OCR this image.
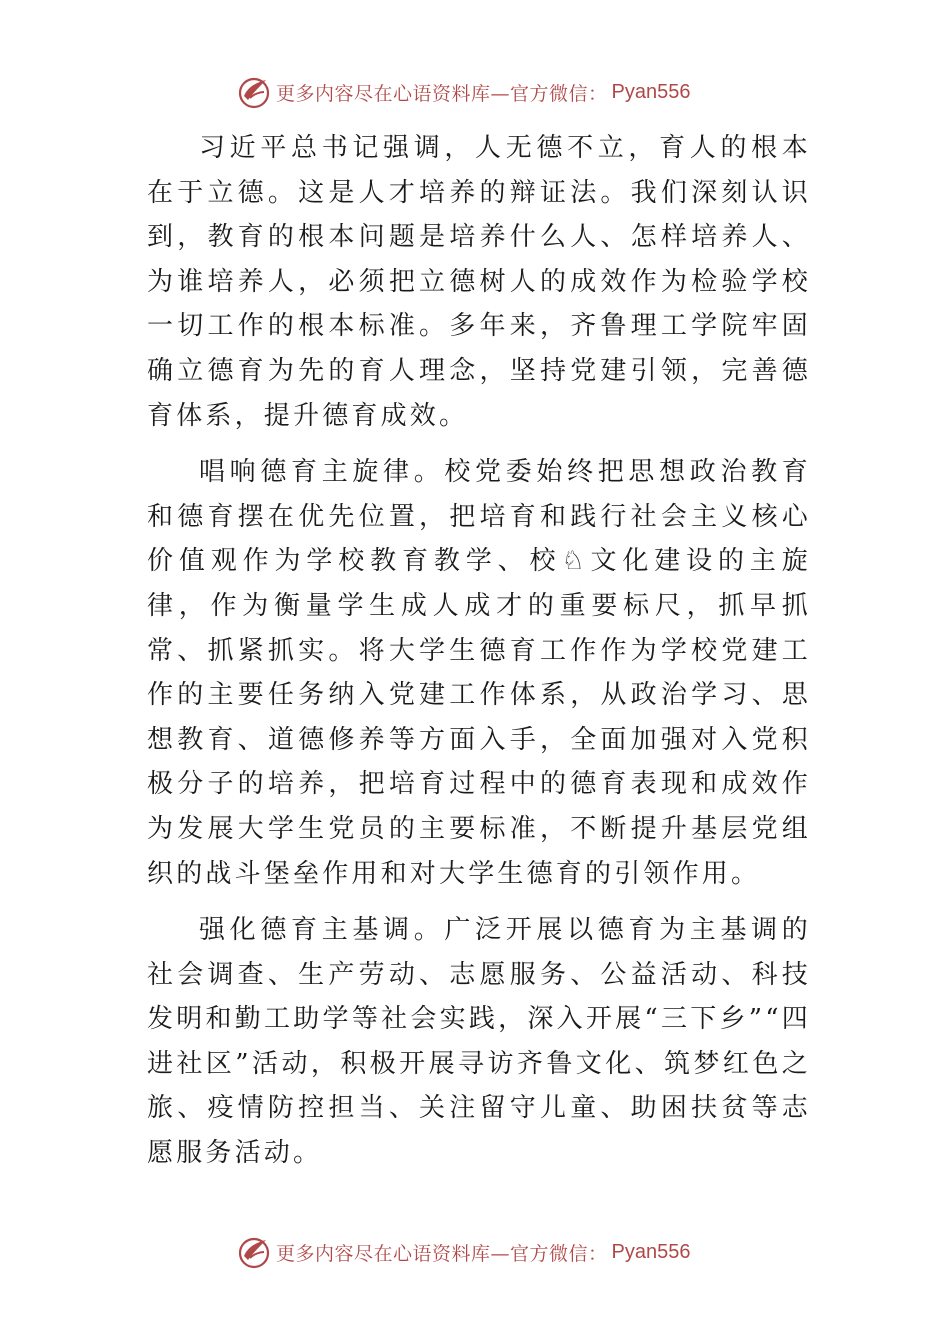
更多内容尽在心语资料库—官方微信： Pyan556

习近平总书记强调，人无德不立，育人的根本在于立德。这是人才培养的辩证法。我们深刻认识到，教育的根本问题是培养什么人、怎样培养人、为谁培养人，必须把立德树人的成效作为检验学校一切工作的根本标准。多年来，齐鲁理工学院牢固确立德育为先的育人理念，坚持党建引领，完善德育体系，提升德育成效。

唱响德育主旋律。校党委始终把思想政治教育和德育摆在优先位置，把培育和践行社会主义核心价值观作为学校教育教学、校♘文化建设的主旋律，作为衡量学生成人成才的重要标尺，抓早抓常、抓紧抓实。将大学生德育工作作为学校党建工作的主要任务纳入党建工作体系，从政治学习、思想教育、道德修养等方面入手，全面加强对入党积极分子的培养，把培育过程中的德育表现和成效作为发展大学生党员的主要标准，不断提升基层党组织的战斗堡垒作用和对大学生德育的引领作用。

强化德育主基调。广泛开展以德育为主基调的社会调查、生产劳动、志愿服务、公益活动、科技发明和勤工助学等社会实践，深入开展“三下乡”“四进社区”活动，积极开展寻访齐鲁文化、筑梦红色之旅、疫情防控担当、关注留守儿童、助困扶贫等志愿服务活动。

更多内容尽在心语资料库—官方微信： Pyan556
